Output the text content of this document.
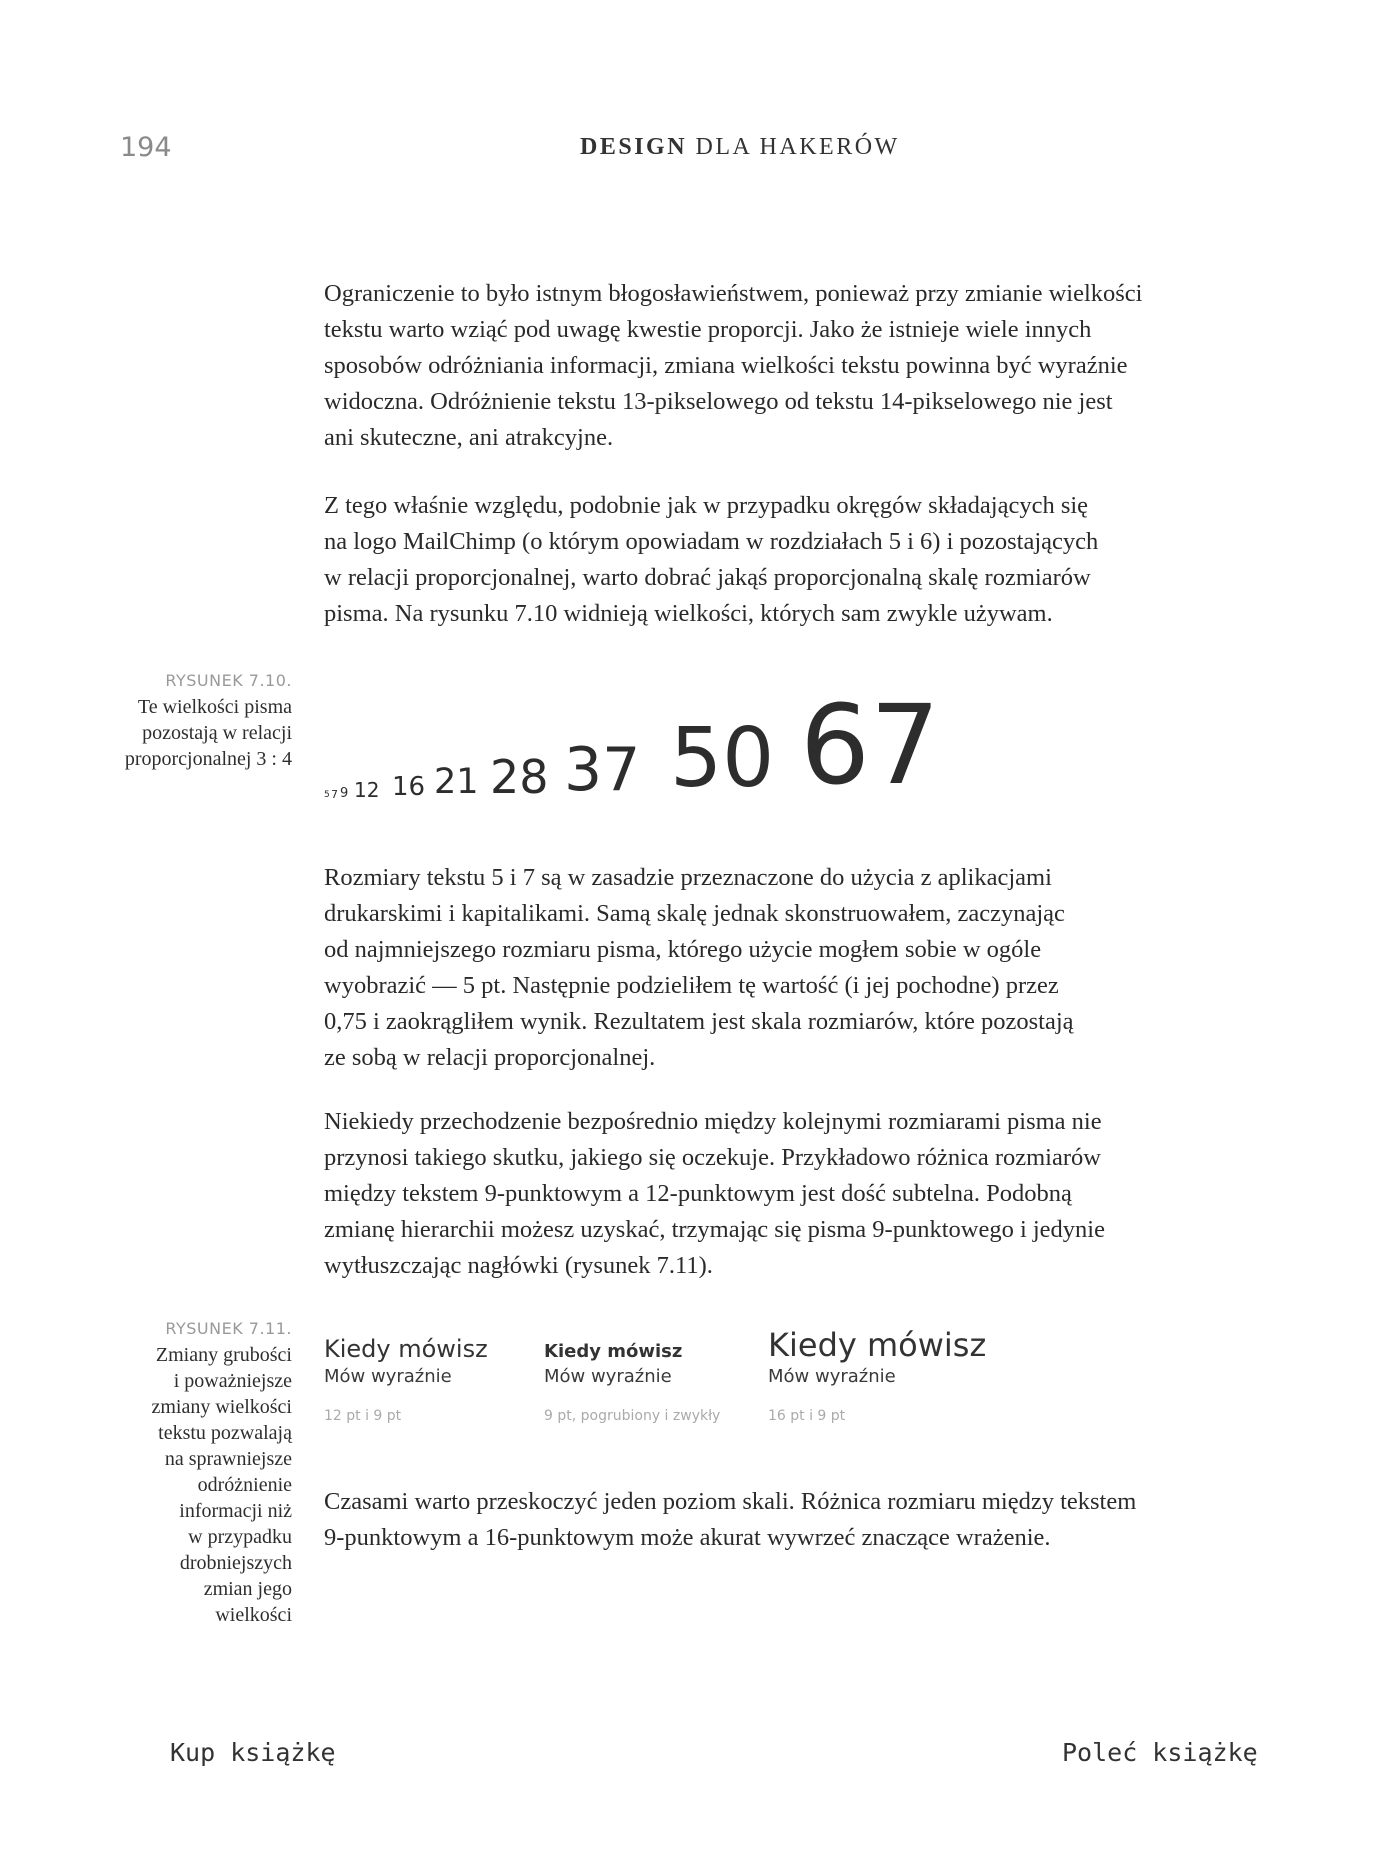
194	DESIGN DLA HAKERÓW

Ograniczenie to było istnym błogosławieństwem, ponieważ przy zmianie wielkości
tekstu warto wziąć pod uwagę kwestie proporcji. Jako że istnieje wiele innych
sposobów odróżniania informacji, zmiana wielkości tekstu powinna być wyraźnie
widoczna. Odróżnienie tekstu 13-pikselowego od tekstu 14-pikselowego nie jest
ani skuteczne, ani atrakcyjne.

Z tego właśnie względu, podobnie jak w przypadku okręgów składających się
na logo MailChimp (o którym opowiadam w rozdziałach 5 i 6) i pozostających
w relacji proporcjonalnej, warto dobrać jakąś proporcjonalną skalę rozmiarów
pisma. Na rysunku 7.10 widnieją wielkości, których sam zwykle używam.

RYSUNEK 7.10.
Te wielkości pisma
pozostają w relacji
proporcjonalnej 3 : 4
5 7 9 12 16 21 28 37 50 67

Rozmiary tekstu 5 i 7 są w zasadzie przeznaczone do użycia z aplikacjami
drukarskimi i kapitalikami. Samą skalę jednak skonstruowałem, zaczynając
od najmniejszego rozmiaru pisma, którego użycie mogłem sobie w ogóle
wyobrazić — 5 pt. Następnie podzieliłem tę wartość (i jej pochodne) przez
0,75 i zaokrągliłem wynik. Rezultatem jest skala rozmiarów, które pozostają
ze sobą w relacji proporcjonalnej.

Niekiedy przechodzenie bezpośrednio między kolejnymi rozmiarami pisma nie
przynosi takiego skutku, jakiego się oczekuje. Przykładowo różnica rozmiarów
między tekstem 9-punktowym a 12-punktowym jest dość subtelna. Podobną
zmianę hierarchii możesz uzyskać, trzymając się pisma 9-punktowego i jedynie
wytłuszczając nagłówki (rysunek 7.11).

RYSUNEK 7.11.
Zmiany grubości
i poważniejsze
zmiany wielkości
tekstu pozwalają
na sprawniejsze
odróżnienie
informacji niż
w przypadku
drobniejszych
zmian jego
wielkości
Kiedy mówisz
Mów wyraźnie
12 pt i 9 pt
Kiedy mówisz
Mów wyraźnie
9 pt, pogrubiony i zwykły
Kiedy mówisz
Mów wyraźnie
16 pt i 9 pt

Czasami warto przeskoczyć jeden poziom skali. Różnica rozmiaru między tekstem
9-punktowym a 16-punktowym może akurat wywrzeć znaczące wrażenie.

Kup książkę	Poleć książkę
